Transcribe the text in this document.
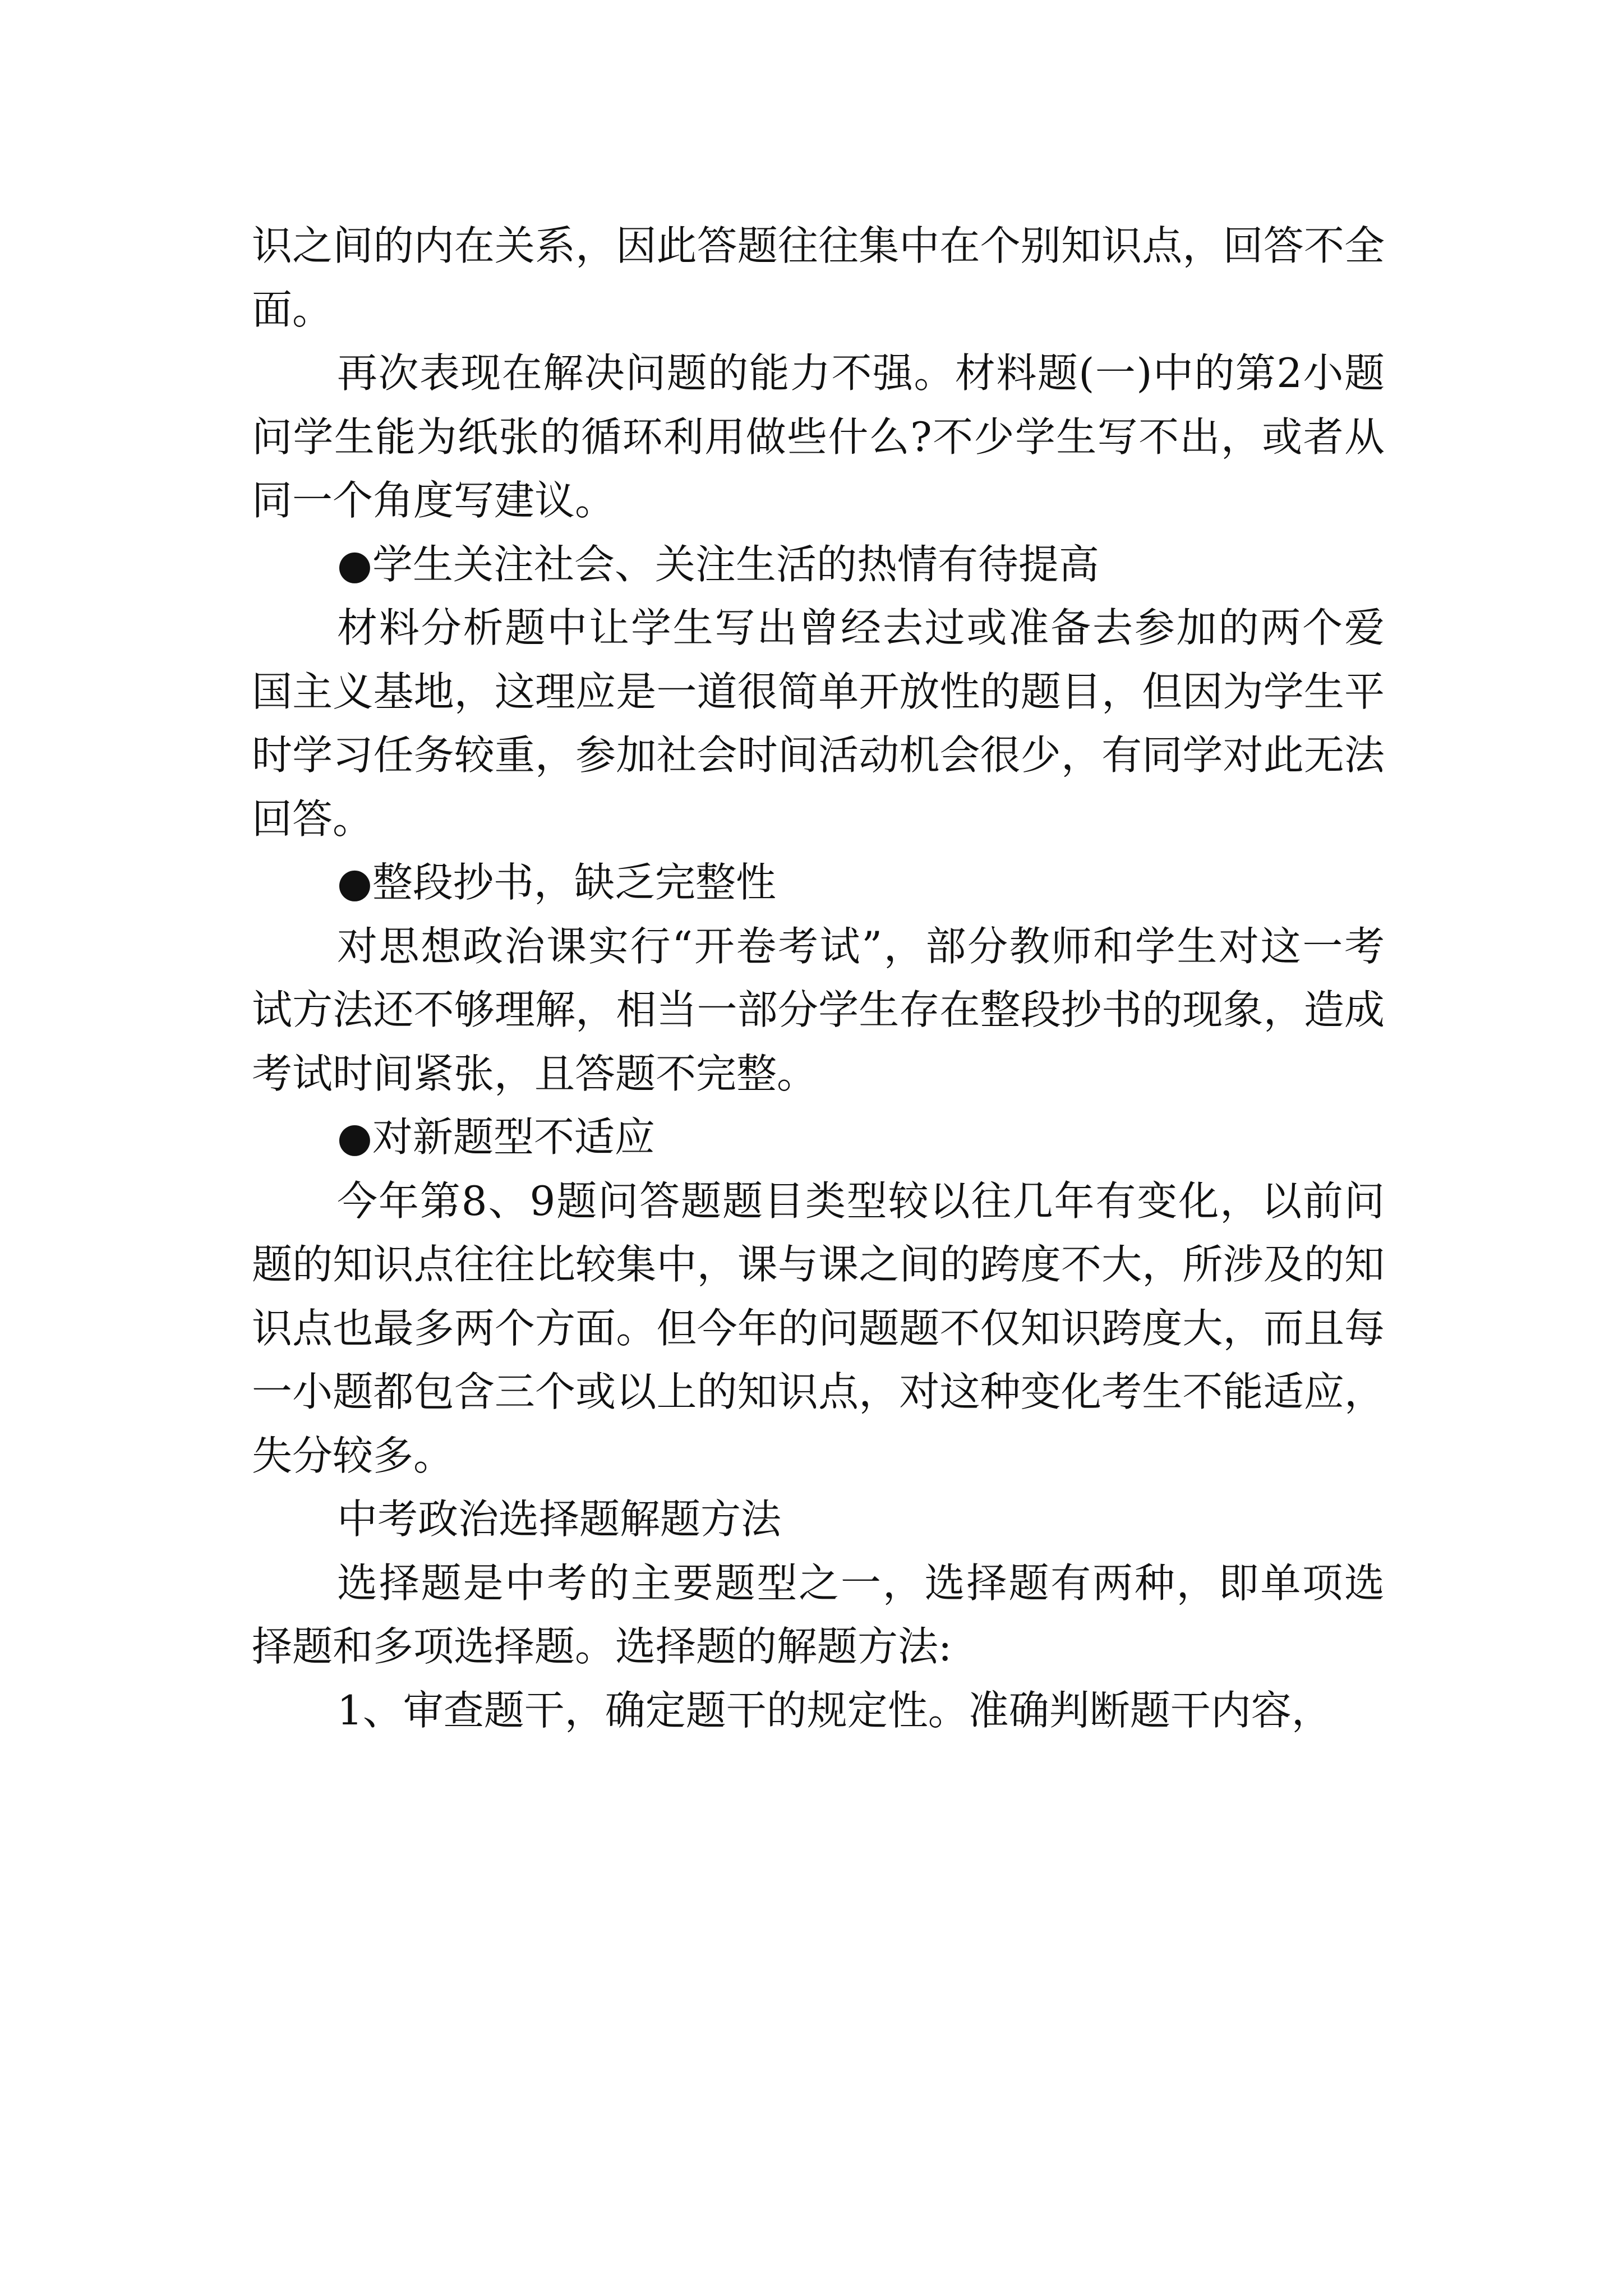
识之间的内在关系，因此答题往往集中在个别知识点，回答不全面。

再次表现在解决问题的能力不强。材料题(一)中的第2小题问学生能为纸张的循环利用做些什么?不少学生写不出，或者从同一个角度写建议。

●学生关注社会、关注生活的热情有待提高

材料分析题中让学生写出曾经去过或准备去参加的两个爱国主义基地，这理应是一道很简单开放性的题目，但因为学生平时学习任务较重，参加社会时间活动机会很少，有同学对此无法回答。

●整段抄书，缺乏完整性

对思想政治课实行“开卷考试”，部分教师和学生对这一考试方法还不够理解，相当一部分学生存在整段抄书的现象，造成考试时间紧张，且答题不完整。

●对新题型不适应

今年第8、9题问答题题目类型较以往几年有变化，以前问题的知识点往往比较集中，课与课之间的跨度不大，所涉及的知识点也最多两个方面。但今年的问题题不仅知识跨度大，而且每一小题都包含三个或以上的知识点，对这种变化考生不能适应，失分较多。

中考政治选择题解题方法

选择题是中考的主要题型之一，选择题有两种，即单项选择题和多项选择题。选择题的解题方法:

1、审查题干，确定题干的规定性。准确判断题干内容，
